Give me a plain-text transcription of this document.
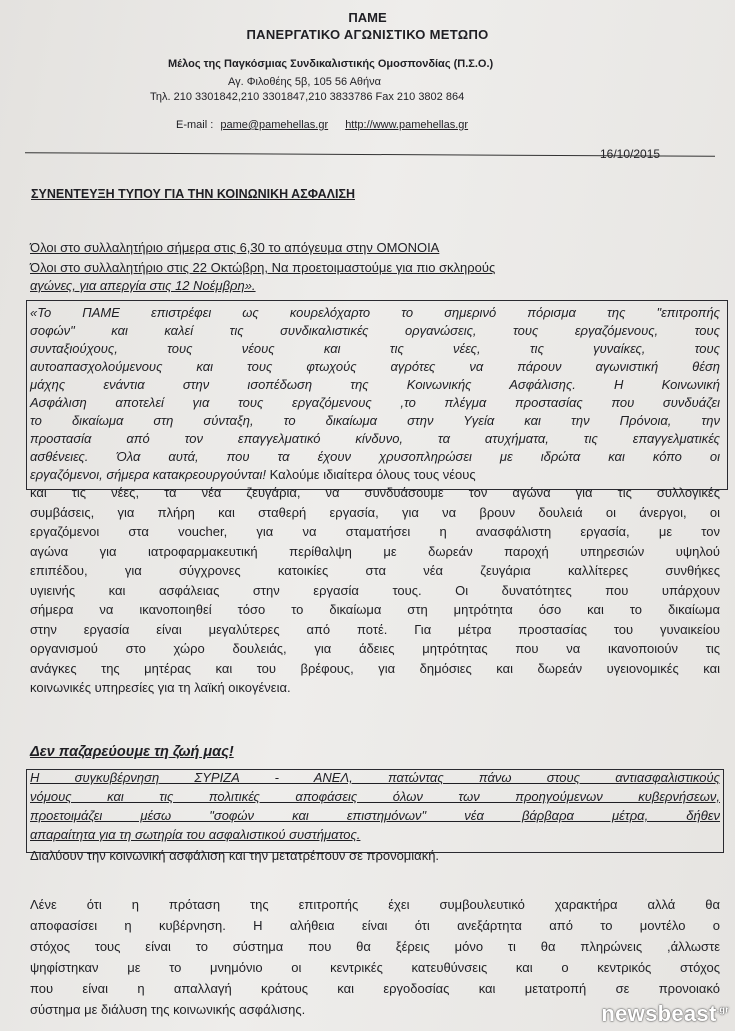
ΠΑΜΕ
ΠΑΝΕΡΓΑΤΙΚΟ ΑΓΩΝΙΣΤΙΚΟ ΜΕΤΩΠΟ
Μέλος της Παγκόσμιας Συνδικαλιστικής Ομοσπονδίας (Π.Σ.Ο.)
Αγ. Φιλοθέης 5β, 105 56 Αθήνα
Τηλ. 210 3301842,210 3301847,210 3833786 Fax 210 3802 864
E-mail : pame@pamehellas.gr http://www.pamehellas.gr
16/10/2015
ΣΥΝΕΝΤΕΥΞΗ ΤΥΠΟΥ ΓΙΑ ΤΗΝ ΚΟΙΝΩΝΙΚΗ ΑΣΦΑΛΙΣΗ
Όλοι στο συλλαλητήριο σήμερα στις 6,30 το απόγευμα στην ΟΜΟΝΟΙΑ
Όλοι στο συλλαλητήριο στις 22 Οκτώβρη, Να προετοιμαστούμε για πιο σκληρούς
αγώνες, για απεργία στις 12 Νοέμβρη».
«Το ΠΑΜΕ επιστρέφει ως κουρελόχαρτο το σημερινό πόρισμα της "επιτροπής
σοφών" και καλεί τις συνδικαλιστικές οργανώσεις, τους εργαζόμενους, τους
συνταξιούχους, τους νέους και τις νέες, τις γυναίκες, τους
αυτοαπασχολούμενους και τους φτωχούς αγρότες να πάρουν αγωνιστική θέση
μάχης ενάντια στην ισοπέδωση της Κοινωνικής Ασφάλισης. Η Κοινωνική
Ασφάλιση αποτελεί για τους εργαζόμενους ,το πλέγμα προστασίας που συνδυάζει
το δικαίωμα στη σύνταξη, το δικαίωμα στην Υγεία και την Πρόνοια, την
προστασία από τον επαγγελματικό κίνδυνο, τα ατυχήματα, τις επαγγελματικές
ασθένειες. Όλα αυτά, που τα έχουν χρυσοπληρώσει με ιδρώτα και κόπο οι
εργαζόμενοι, σήμερα κατακρεουργούνται! Καλούμε ιδιαίτερα όλους τους νέους
και τις νέες, τα νέα ζευγάρια, να συνδυάσουμε τον αγώνα για τις συλλογικές
συμβάσεις, για πλήρη και σταθερή εργασία, για να βρουν δουλειά οι άνεργοι, οι
εργαζόμενοι στα voucher, για να σταματήσει η ανασφάλιστη εργασία, με τον
αγώνα για ιατροφαρμακευτική περίθαλψη με δωρεάν παροχή υπηρεσιών υψηλού
επιπέδου, για σύγχρονες κατοικίες στα νέα ζευγάρια καλλίτερες συνθήκες
υγιεινής και ασφάλειας στην εργασία τους. Οι δυνατότητες που υπάρχουν
σήμερα να ικανοποιηθεί τόσο το δικαίωμα στη μητρότητα όσο και το δικαίωμα
στην εργασία είναι μεγαλύτερες από ποτέ. Για μέτρα προστασίας του γυναικείου
οργανισμού στο χώρο δουλειάς, για άδειες μητρότητας που να ικανοποιούν τις
ανάγκες της μητέρας και του βρέφους, για δημόσιες και δωρεάν υγειονομικές και
κοινωνικές υπηρεσίες για τη λαϊκή οικογένεια.
Δεν παζαρεύουμε τη ζωή μας!
Η συγκυβέρνηση ΣΥΡΙΖΑ - ΑΝΕΛ, πατώντας πάνω στους αντιασφαλιστικούς
νόμους και τις πολιτικές αποφάσεις όλων των προηγούμενων κυβερνήσεων,
προετοιμάζει μέσω "σοφών και επιστημόνων" νέα βάρβαρα μέτρα, δήθεν
απαραίτητα για τη σωτηρία του ασφαλιστικού συστήματος.
Διαλύουν την κοινωνική ασφάλιση και την μετατρέπουν σε προνομιακή.
Λένε ότι η πρόταση της επιτροπής έχει συμβουλευτικό χαρακτήρα αλλά θα
αποφασίσει η κυβέρνηση. Η αλήθεια είναι ότι ανεξάρτητα από το μοντέλο ο
στόχος τους είναι το σύστημα που θα ξέρεις μόνο τι θα πληρώνεις ,άλλωστε
ψηφίστηκαν με το μνημόνιο οι κεντρικές κατευθύνσεις και ο κεντρικός στόχος
που είναι η απαλλαγή κράτους και εργοδοσίας και μετατροπή σε προνοιακό
σύστημα με διάλυση της κοινωνικής ασφάλισης.	newsbeast$^{.gr}$
